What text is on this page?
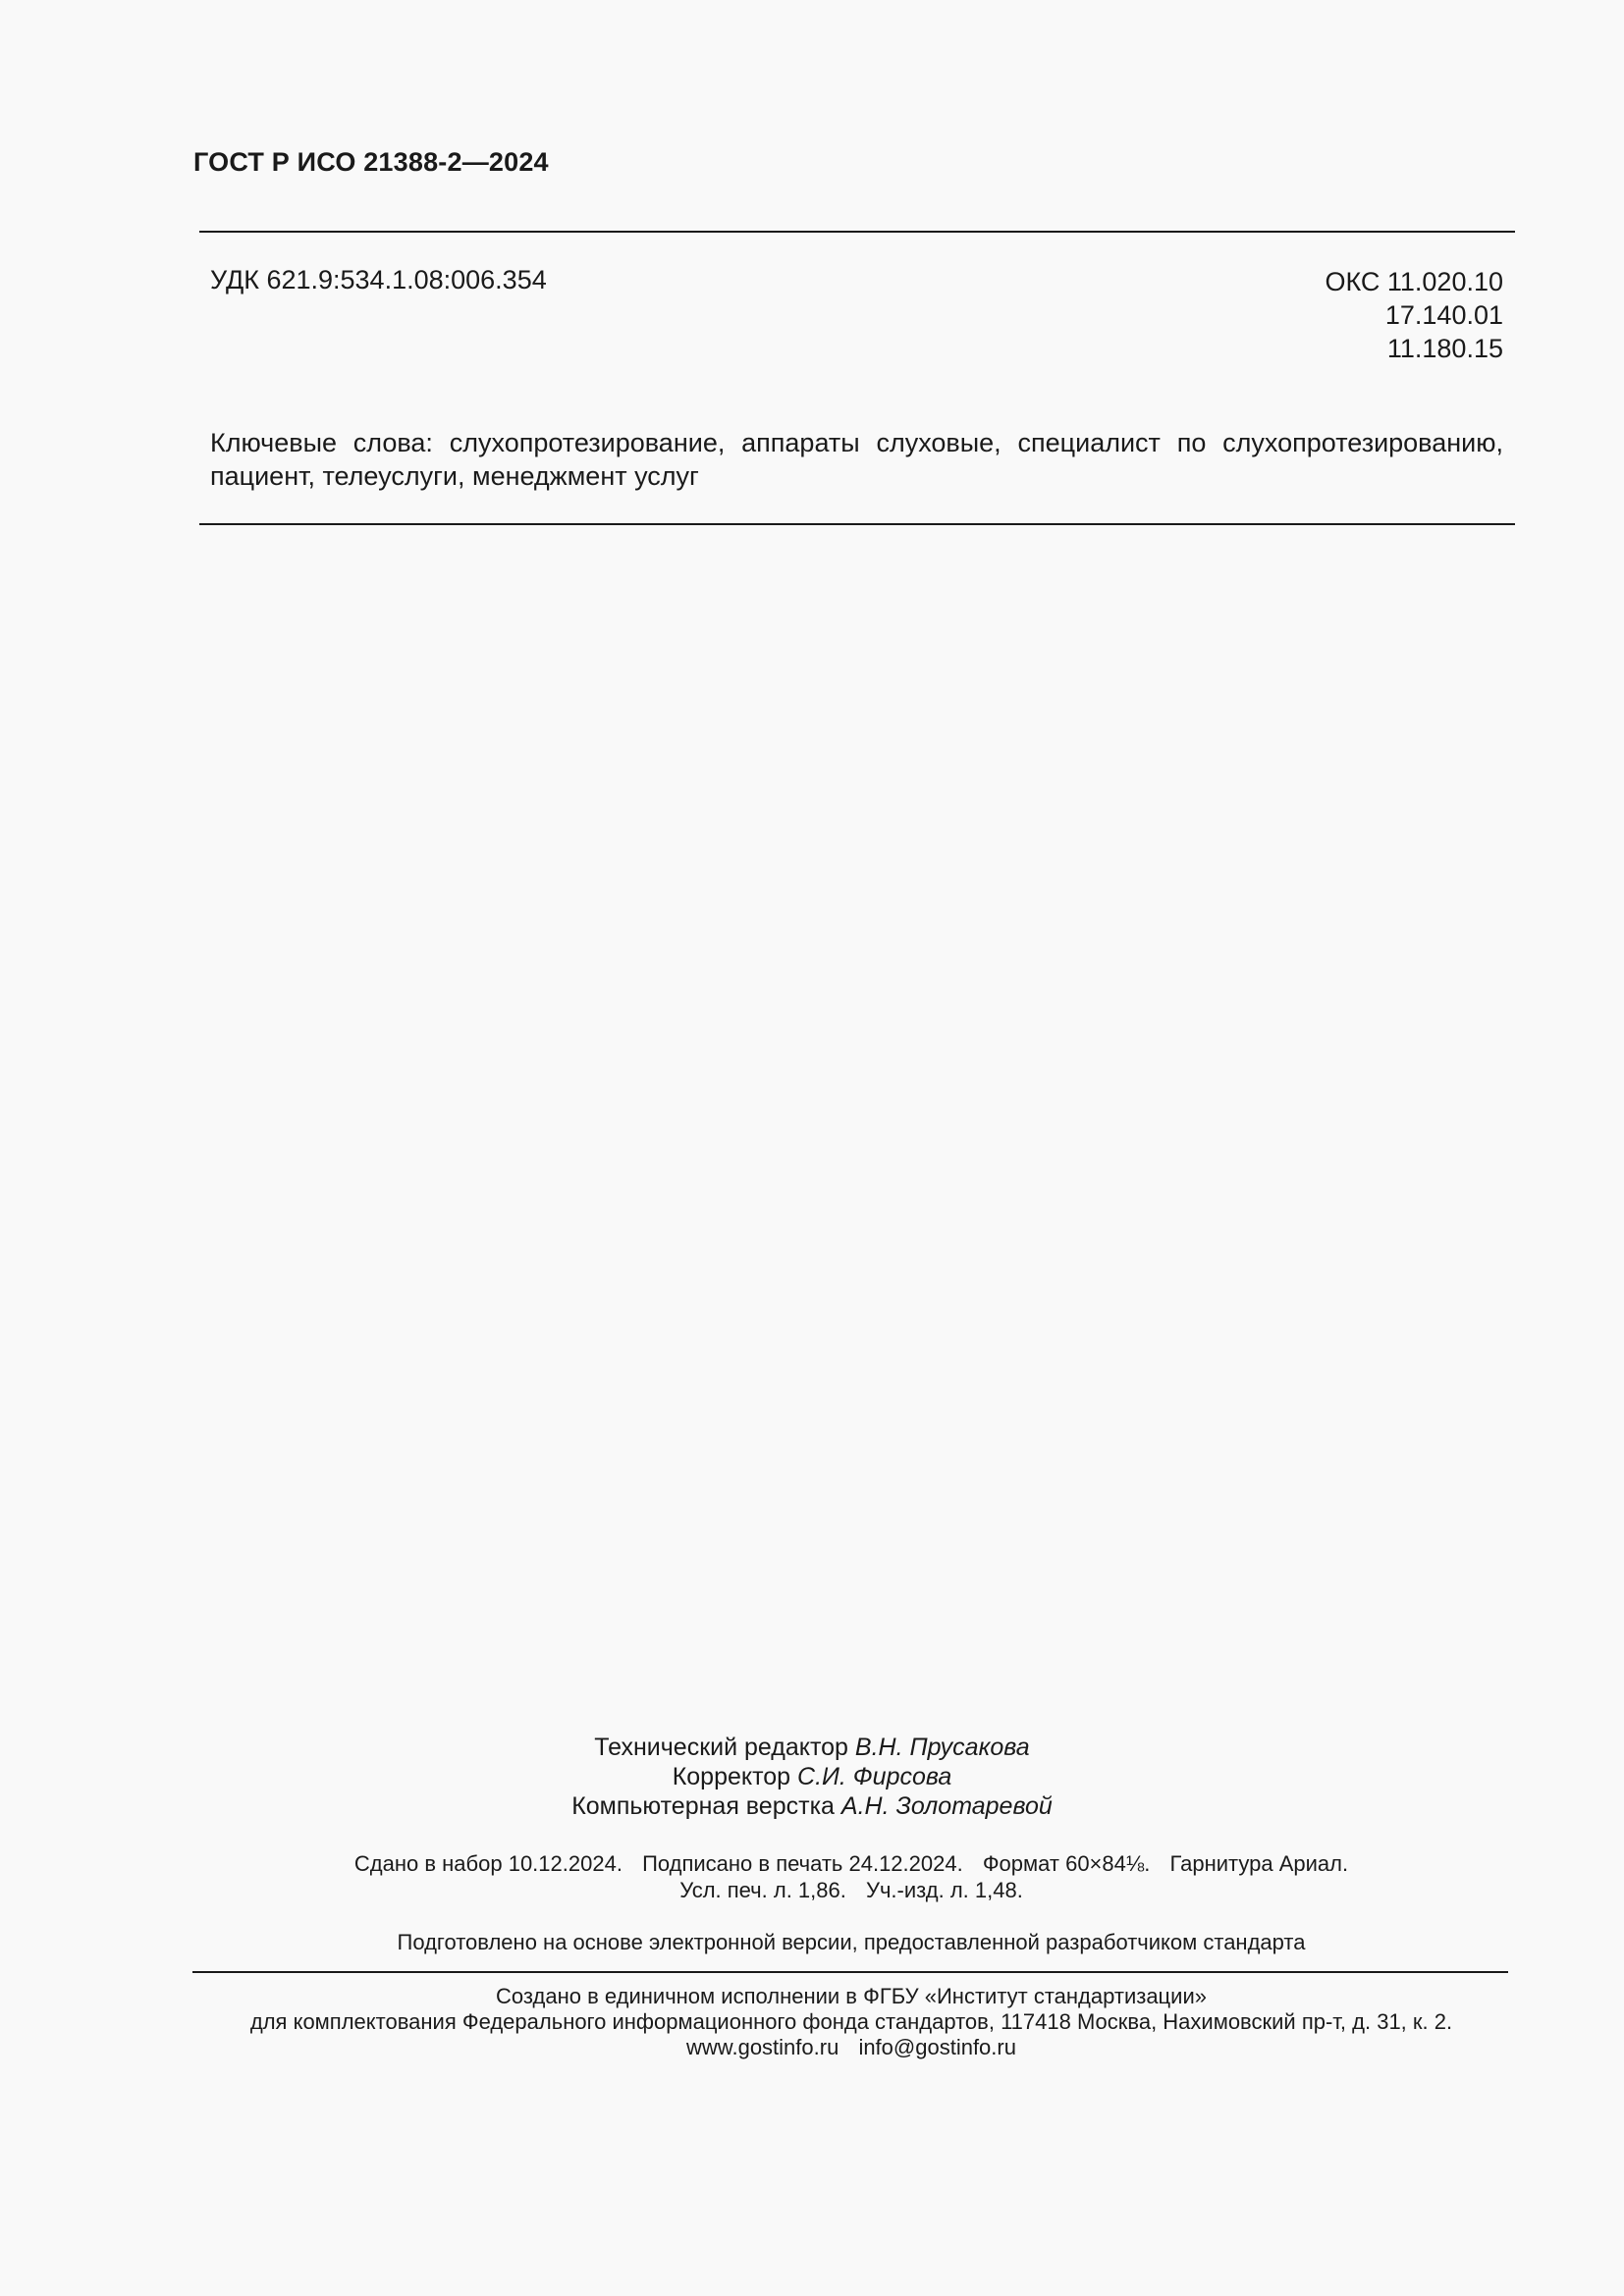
ГОСТ Р ИСО 21388-2—2024
УДК 621.9:534.1.08:006.354	ОКС 11.020.10
17.140.01
11.180.15
Ключевые слова: слухопротезирование, аппараты слуховые, специалист по слухопротезированию, пациент, телеуслуги, менеджмент услуг
Технический редактор В.Н. Прусакова
Корректор С.И. Фирсова
Компьютерная верстка А.Н. Золотаревой
Сдано в набор 10.12.2024. Подписано в печать 24.12.2024. Формат 60×84⅛. Гарнитура Ариал.
Усл. печ. л. 1,86. Уч.-изд. л. 1,48.
Подготовлено на основе электронной версии, предоставленной разработчиком стандарта
Создано в единичном исполнении в ФГБУ «Институт стандартизации»
для комплектования Федерального информационного фонда стандартов, 117418 Москва, Нахимовский пр-т, д. 31, к. 2.
www.gostinfo.ru info@gostinfo.ru
